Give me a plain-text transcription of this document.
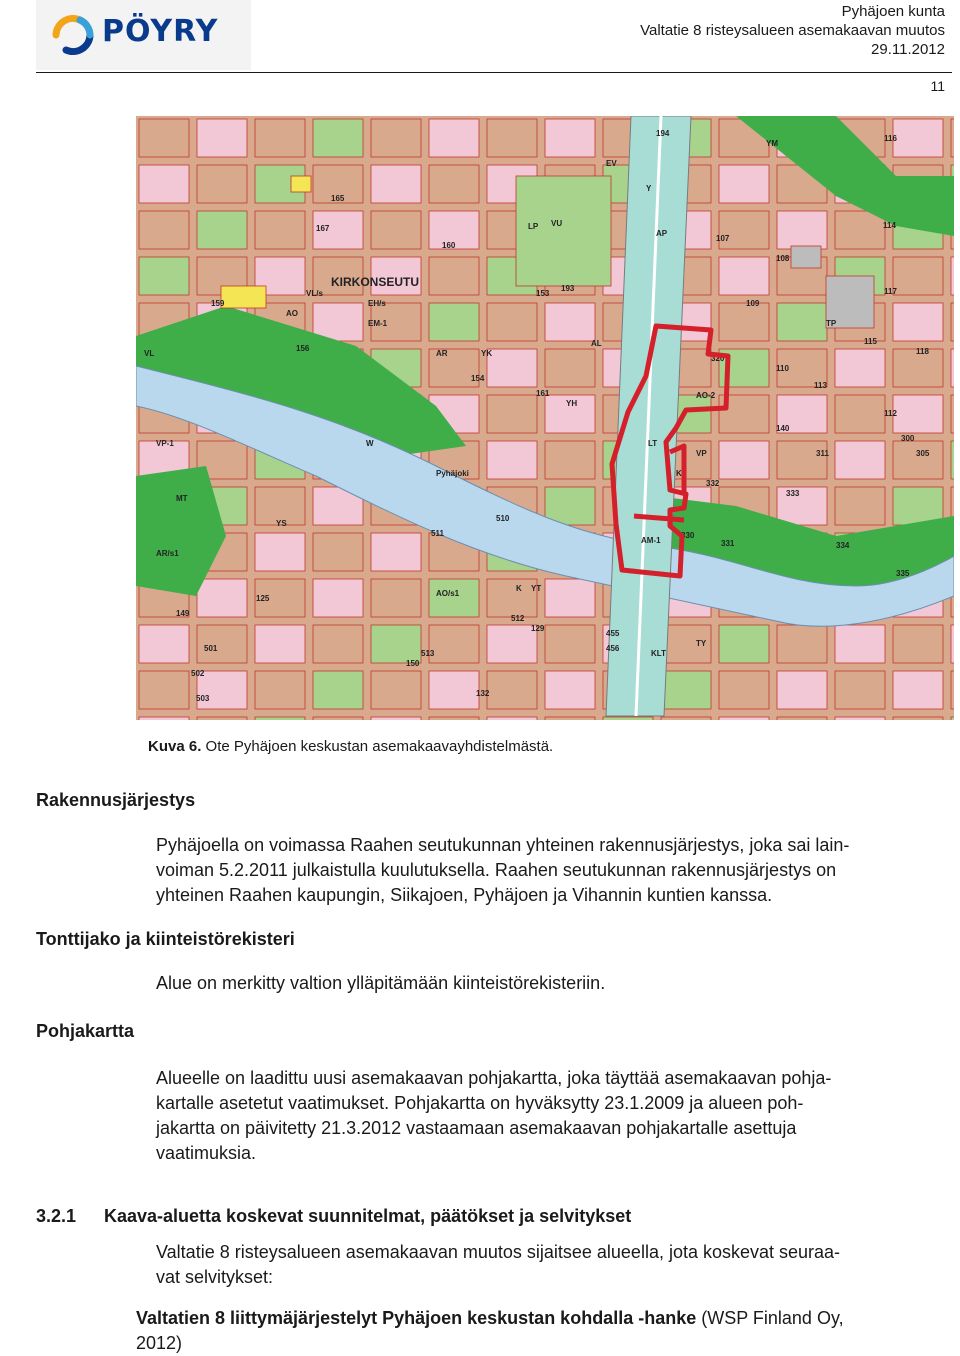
PÖYRY
Pyhäjoen kunta
Valtatie 8 risteysalueen asemakaavan muutos
29.11.2012
11
KIRKONSEUTU
EH/s
EM-1
VL
VU
VP
VP-1
MT
W	LT
LP
YK
AO
AR
AP
AL
VL/s
AO-2
AM-1
YH
TP
YM
KT
EV
Pyhäjoki
160
510
511
512
513
330
331
332
333
334
335
320
311	305
300
140
113
112
114
115
116
117
118
107
108
109
110
125
129
132
149
150
153
154
156
159
161
165
167
193
194
455
456
501
502
503
KLT
TY
YS
AR/s1
AO/s1
K YT
Y
Kuva 6. Ote Pyhäjoen keskustan asemakaavayhdistelmästä.
Rakennusjärjestys
Pyhäjoella on voimassa Raahen seutukunnan yhteinen rakennusjärjestys, joka sai lain-
voiman 5.2.2011 julkaistulla kuulutuksella. Raahen seutukunnan rakennusjärjestys on
yhteinen Raahen kaupungin, Siikajoen, Pyhäjoen ja Vihannin kuntien kanssa.
Tonttijako ja kiinteistörekisteri
Alue on merkitty valtion ylläpitämään kiinteistörekisteriin.
Pohjakartta
Alueelle on laadittu uusi asemakaavan pohjakartta, joka täyttää asemakaavan pohja-
kartalle asetetut vaatimukset. Pohjakartta on hyväksytty 23.1.2009 ja alueen poh-
jakartta on päivitetty 21.3.2012 vastaamaan asemakaavan pohjakartalle asettuja
vaatimuksia.
3.2.1 Kaava-aluetta koskevat suunnitelmat, päätökset ja selvitykset
Valtatie 8 risteysalueen asemakaavan muutos sijaitsee alueella, jota koskevat seuraa-
vat selvitykset:
Valtatien 8 liittymäjärjestelyt Pyhäjoen keskustan kohdalla -hanke (WSP Finland Oy,
2012)
